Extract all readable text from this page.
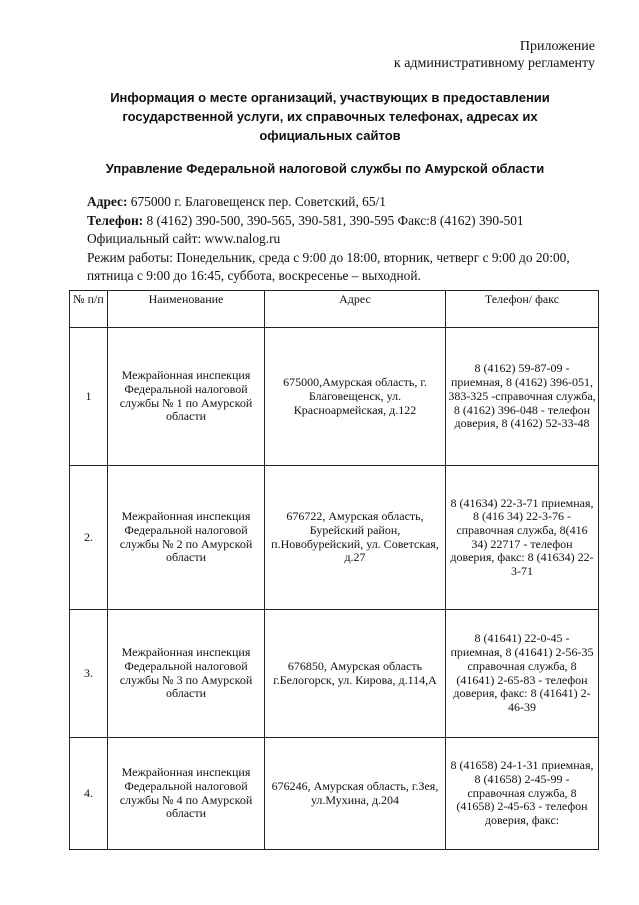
Приложение
к административному регламенту
Информация о месте организаций, участвующих в предоставлении государственной услуги, их справочных телефонах, адресах их официальных сайтов
Управление Федеральной налоговой службы по Амурской области
Адрес: 675000 г. Благовещенск пер. Советский, 65/1
Телефон: 8 (4162) 390-500, 390-565, 390-581, 390-595 Факс:8 (4162) 390-501
Официальный сайт: www.nalog.ru
Режим работы: Понедельник, среда с 9:00 до 18:00, вторник, четверг с 9:00 до 20:00, пятница с 9:00 до 16:45, суббота, воскресенье – выходной.
№ п/п	Наименование	Адрес	Телефон/ факс
1	Межрайонная инспекция Федеральной налоговой службы № 1 по Амурской области	675000,Амурская область, г. Благовещенск, ул. Красноармейская, д.122	8 (4162) 59-87-09 - приемная, 8 (4162) 396-051, 383-325 -справочная служба, 8 (4162) 396-048 - телефон доверия, 8 (4162) 52-33-48
2.	Межрайонная инспекция Федеральной налоговой службы № 2 по Амурской области	676722, Амурская область, Бурейский район, п.Новобурейский, ул. Советская, д.27	8 (41634) 22-3-71 приемная, 8 (416 34) 22-3-76 - справочная служба, 8(416 34) 22717 - телефон доверия, факс: 8 (41634) 22-3-71
3.	Межрайонная инспекция Федеральной налоговой службы № 3 по Амурской области	676850, Амурская область г.Белогорск, ул. Кирова, д.114,А	8 (41641) 22-0-45 - приемная, 8 (41641) 2-56-35 справочная служба, 8 (41641) 2-65-83 - телефон доверия, факс: 8 (41641) 2-46-39
4.	Межрайонная инспекция Федеральной налоговой службы № 4 по Амурской области	676246, Амурская область, г.Зея, ул.Мухина, д.204	8 (41658) 24-1-31 приемная, 8 (41658) 2-45-99 - справочная служба, 8 (41658) 2-45-63 - телефон доверия, факс:
